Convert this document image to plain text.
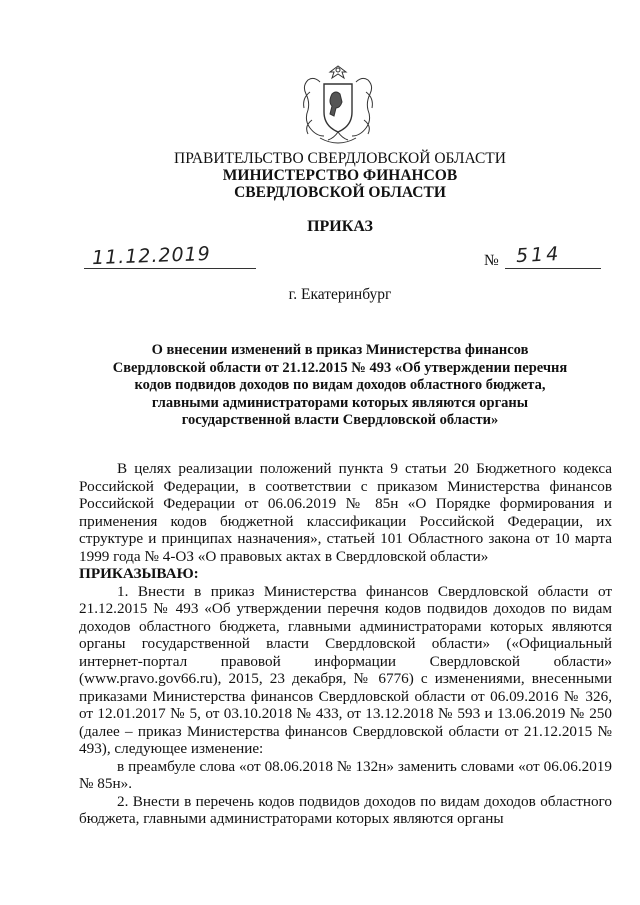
ПРАВИТЕЛЬСТВО СВЕРДЛОВСКОЙ ОБЛАСТИ
МИНИСТЕРСТВО ФИНАНСОВ
СВЕРДЛОВСКОЙ ОБЛАСТИ
ПРИКАЗ
11.12.2019	№ 514
г. Екатеринбург
О внесении изменений в приказ Министерства финансов Свердловской области от 21.12.2015 № 493 «Об утверждении перечня кодов подвидов доходов по видам доходов областного бюджета, главными администраторами которых являются органы государственной власти Свердловской области»

В целях реализации положений пункта 9 статьи 20 Бюджетного кодекса Российской Федерации, в соответствии с приказом Министерства финансов Российской Федерации от 06.06.2019 № 85н «О Порядке формирования и применения кодов бюджетной классификации Российской Федерации, их структуре и принципах назначения», статьей 101 Областного закона от 10 марта 1999 года № 4-ОЗ «О правовых актах в Свердловской области»

ПРИКАЗЫВАЮ:

1. Внести в приказ Министерства финансов Свердловской области от 21.12.2015 № 493 «Об утверждении перечня кодов подвидов доходов по видам доходов областного бюджета, главными администраторами которых являются органы государственной власти Свердловской области» («Официальный интернет-портал правовой информации Свердловской области» (www.pravo.gov66.ru), 2015, 23 декабря, № 6776) с изменениями, внесенными приказами Министерства финансов Свердловской области от 06.09.2016 № 326, от 12.01.2017 № 5, от 03.10.2018 № 433, от 13.12.2018 № 593 и 13.06.2019 № 250 (далее – приказ Министерства финансов Свердловской области от 21.12.2015 № 493), следующее изменение:

в преамбуле слова «от 08.06.2018 № 132н» заменить словами «от 06.06.2019 № 85н».

2. Внести в перечень кодов подвидов доходов по видам доходов областного бюджета, главными администраторами которых являются органы
